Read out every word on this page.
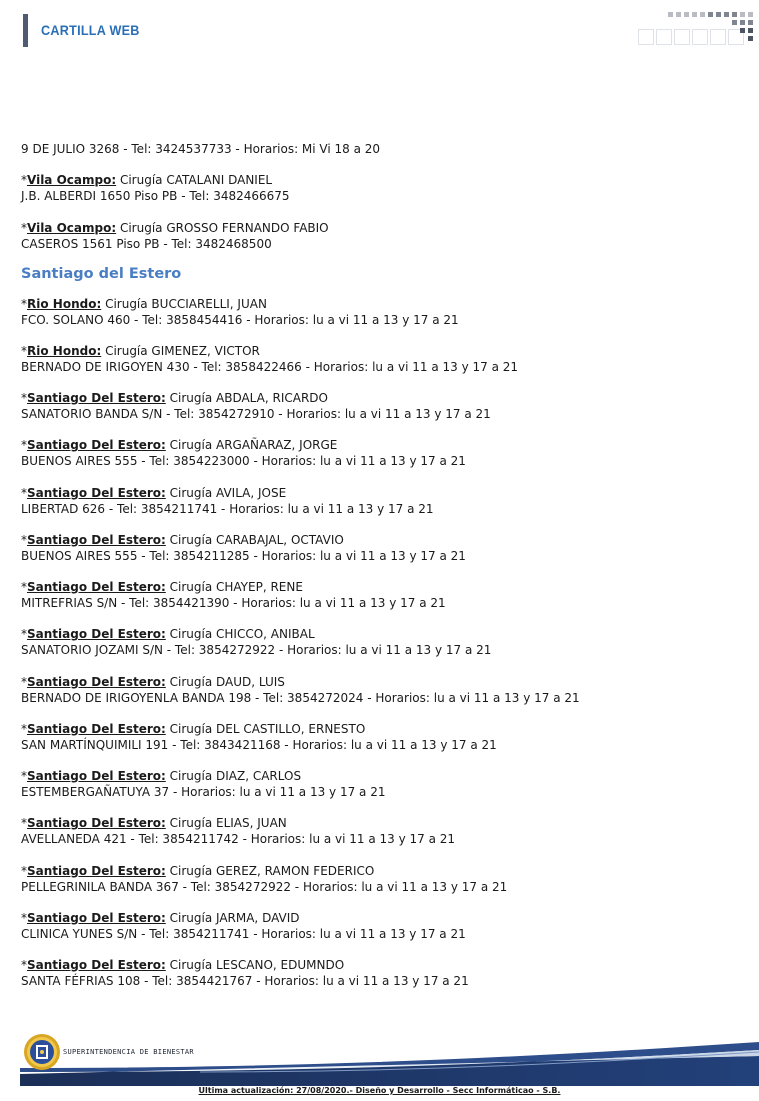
CARTILLA WEB
9 DE JULIO 3268 - Tel: 3424537733 - Horarios: Mi Vi 18 a 20
*Vila Ocampo: Cirugía CATALANI DANIEL
J.B. ALBERDI 1650 Piso PB - Tel: 3482466675
*Vila Ocampo: Cirugía GROSSO FERNANDO FABIO
CASEROS 1561 Piso PB - Tel: 3482468500
Santiago del Estero
*Rio Hondo: Cirugía BUCCIARELLI, JUAN
FCO. SOLANO 460 - Tel: 3858454416 - Horarios: lu a vi 11 a 13 y 17 a 21
*Rio Hondo: Cirugía GIMENEZ, VICTOR
BERNADO DE IRIGOYEN 430 - Tel: 3858422466 - Horarios: lu a vi 11 a 13 y 17 a 21
*Santiago Del Estero: Cirugía ABDALA, RICARDO
SANATORIO BANDA S/N - Tel: 3854272910 - Horarios: lu a vi 11 a 13 y 17 a 21
*Santiago Del Estero: Cirugía ARGAÑARAZ, JORGE
BUENOS AIRES 555 - Tel: 3854223000 - Horarios: lu a vi 11 a 13 y 17 a 21
*Santiago Del Estero: Cirugía AVILA, JOSE
LIBERTAD 626 - Tel: 3854211741 - Horarios: lu a vi 11 a 13 y 17 a 21
*Santiago Del Estero: Cirugía CARABAJAL, OCTAVIO
BUENOS AIRES 555 - Tel: 3854211285 - Horarios: lu a vi 11 a 13 y 17 a 21
*Santiago Del Estero: Cirugía CHAYEP, RENE
MITREFRIAS S/N - Tel: 3854421390 - Horarios: lu a vi 11 a 13 y 17 a 21
*Santiago Del Estero: Cirugía CHICCO, ANIBAL
SANATORIO JOZAMI S/N - Tel: 3854272922 - Horarios: lu a vi 11 a 13 y 17 a 21
*Santiago Del Estero: Cirugía DAUD, LUIS
BERNADO DE IRIGOYENLA BANDA 198 - Tel: 3854272024 - Horarios: lu a vi 11 a 13 y 17 a 21
*Santiago Del Estero: Cirugía DEL CASTILLO, ERNESTO
SAN MARTÍNQUIMILI 191 - Tel: 3843421168 - Horarios: lu a vi 11 a 13 y 17 a 21
*Santiago Del Estero: Cirugía DIAZ, CARLOS
ESTEMBERGAÑATUYA 37 - Horarios: lu a vi 11 a 13 y 17 a 21
*Santiago Del Estero: Cirugía ELIAS, JUAN
AVELLANEDA 421 - Tel: 3854211742 - Horarios: lu a vi 11 a 13 y 17 a 21
*Santiago Del Estero: Cirugía GEREZ, RAMON FEDERICO
PELLEGRINILA BANDA 367 - Tel: 3854272922 - Horarios: lu a vi 11 a 13 y 17 a 21
*Santiago Del Estero: Cirugía JARMA, DAVID
CLINICA YUNES S/N - Tel: 3854211741 - Horarios: lu a vi 11 a 13 y 17 a 21
*Santiago Del Estero: Cirugía LESCANO, EDUMNDO
SANTA FÉFRIAS 108 - Tel: 3854421767 - Horarios: lu a vi 11 a 13 y 17 a 21
SUPERINTENDENCIA DE BIENESTAR
Ultima actualización: 27/08/2020.- Diseño y Desarrollo - Secc Informáticao - S.B.
